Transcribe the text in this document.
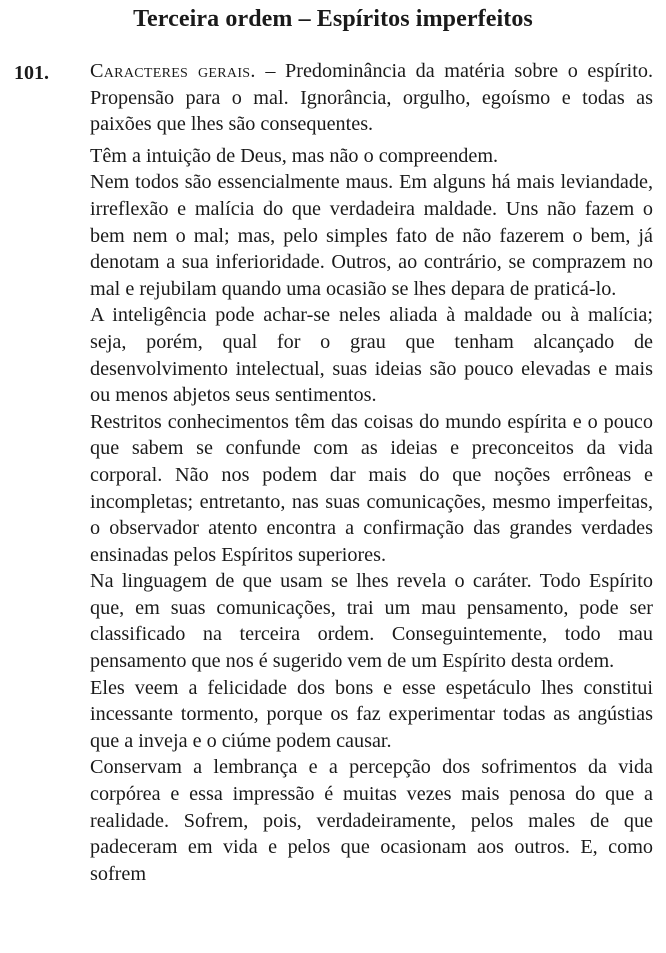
Terceira ordem – Espíritos imperfeitos
101. Caracteres gerais. – Predominância da matéria sobre o espírito. Propensão para o mal. Ignorância, orgulho, egoísmo e todas as paixões que lhes são consequentes.

Têm a intuição de Deus, mas não o compreendem.

Nem todos são essencialmente maus. Em alguns há mais leviandade, irreflexão e malícia do que verdadeira maldade. Uns não fazem o bem nem o mal; mas, pelo simples fato de não fazerem o bem, já denotam a sua inferioridade. Outros, ao contrário, se comprazem no mal e rejubilam quando uma ocasião se lhes depara de praticá-lo.

A inteligência pode achar-se neles aliada à maldade ou à malícia; seja, porém, qual for o grau que tenham alcançado de desenvolvimento intelectual, suas ideias são pouco elevadas e mais ou menos abjetos seus sentimentos.

Restritos conhecimentos têm das coisas do mundo espírita e o pouco que sabem se confunde com as ideias e preconceitos da vida corporal. Não nos podem dar mais do que noções errôneas e incompletas; entretanto, nas suas comunicações, mesmo imperfeitas, o observador atento encontra a confirmação das grandes verdades ensinadas pelos Espíritos superiores.

Na linguagem de que usam se lhes revela o caráter. Todo Espírito que, em suas comunicações, trai um mau pensamento, pode ser classificado na terceira ordem. Conseguintemente, todo mau pensamento que nos é sugerido vem de um Espírito desta ordem.

Eles veem a felicidade dos bons e esse espetáculo lhes constitui incessante tormento, porque os faz experimentar todas as angústias que a inveja e o ciúme podem causar.

Conservam a lembrança e a percepção dos sofrimentos da vida corpórea e essa impressão é muitas vezes mais penosa do que a realidade. Sofrem, pois, verdadeiramente, pelos males de que padeceram em vida e pelos que ocasionam aos outros. E, como sofrem
